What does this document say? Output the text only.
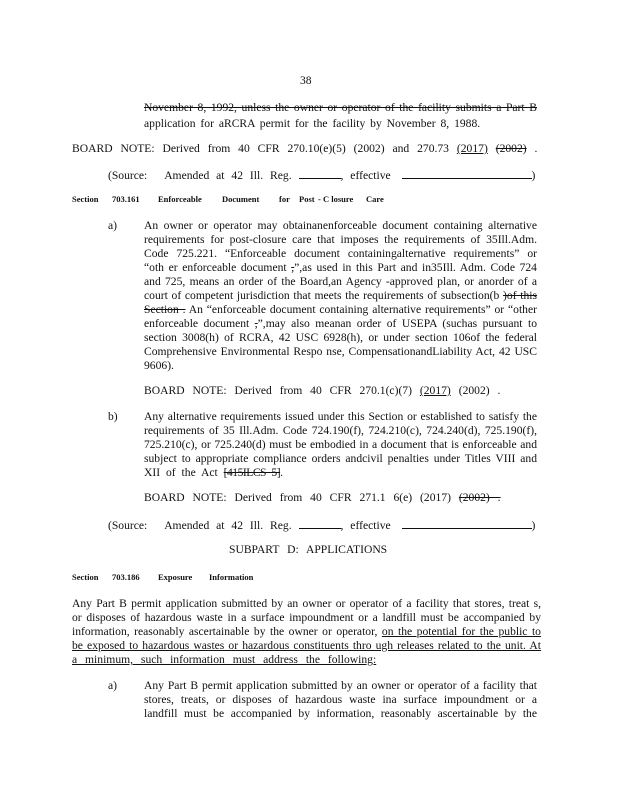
38
November 8, 1992, unless the owner or operator of the facility submits a Part B
application for aRCRA permit for the facility by November 8, 1988.
BOARD NOTE: Derived from 40 CFR 270.10(e)(5) (2002) and 270.73 (2017) (2002) .
(Source: Amended at 42 Ill. Reg.	, effective	)
Section 703.161 Enforceable Document for Post - C losure Care
a) An owner or operator may obtainanenforceable document containing alternative
requirements for post-closure care that imposes the requirements of 35Ill.Adm.
Code 725.221. “Enforceable document containingalternative requirements” or
“oth er enforceable document ,”,as used in this Part and in35Ill. Adm. Code 724
and 725, means an order of the Board,an Agency -approved plan, or anorder of a
court of competent jurisdiction that meets the requirements of subsection(b )of this
Section . An “enforceable document containing alternative requirements” or “other
enforceable document ,”,may also meanan order of USEPA (suchas pursuant to
section 3008(h) of RCRA, 42 USC 6928(h), or under section 106of the federal
Comprehensive Environmental Respo nse, CompensationandLiability Act, 42 USC
9606).
BOARD NOTE: Derived from 40 CFR 270.1(c)(7) (2017) (2002) .
b) Any alternative requirements issued under this Section or established to satisfy the
requirements of 35 Ill.Adm. Code 724.190(f), 724.210(c), 724.240(d), 725.190(f),
725.210(c), or 725.240(d) must be embodied in a document that is enforceable and
subject to appropriate compliance orders andcivil penalties under Titles VIII and
XII of the Act [415ILCS 5].
BOARD NOTE: Derived from 40 CFR 271.1 6(e) (2017) (2002) .
(Source: Amended at 42 Ill. Reg.	, effective	)
SUBPART D: APPLICATIONS
Section 703.186 Exposure Information
Any Part B permit application submitted by an owner or operator of a facility that stores, treat s,
or disposes of hazardous waste in a surface impoundment or a landfill must be accompanied by
information, reasonably ascertainable by the owner or operator, on the potential for the public to
be exposed to hazardous wastes or hazardous constituents thro ugh releases related to the unit. At
a minimum, such information must address the following:
a) Any Part B permit application submitted by an owner or operator of a facility that
stores, treats, or disposes of hazardous waste ina surface impoundment or a
landfill must be accompanied by information, reasonably ascertainable by the
